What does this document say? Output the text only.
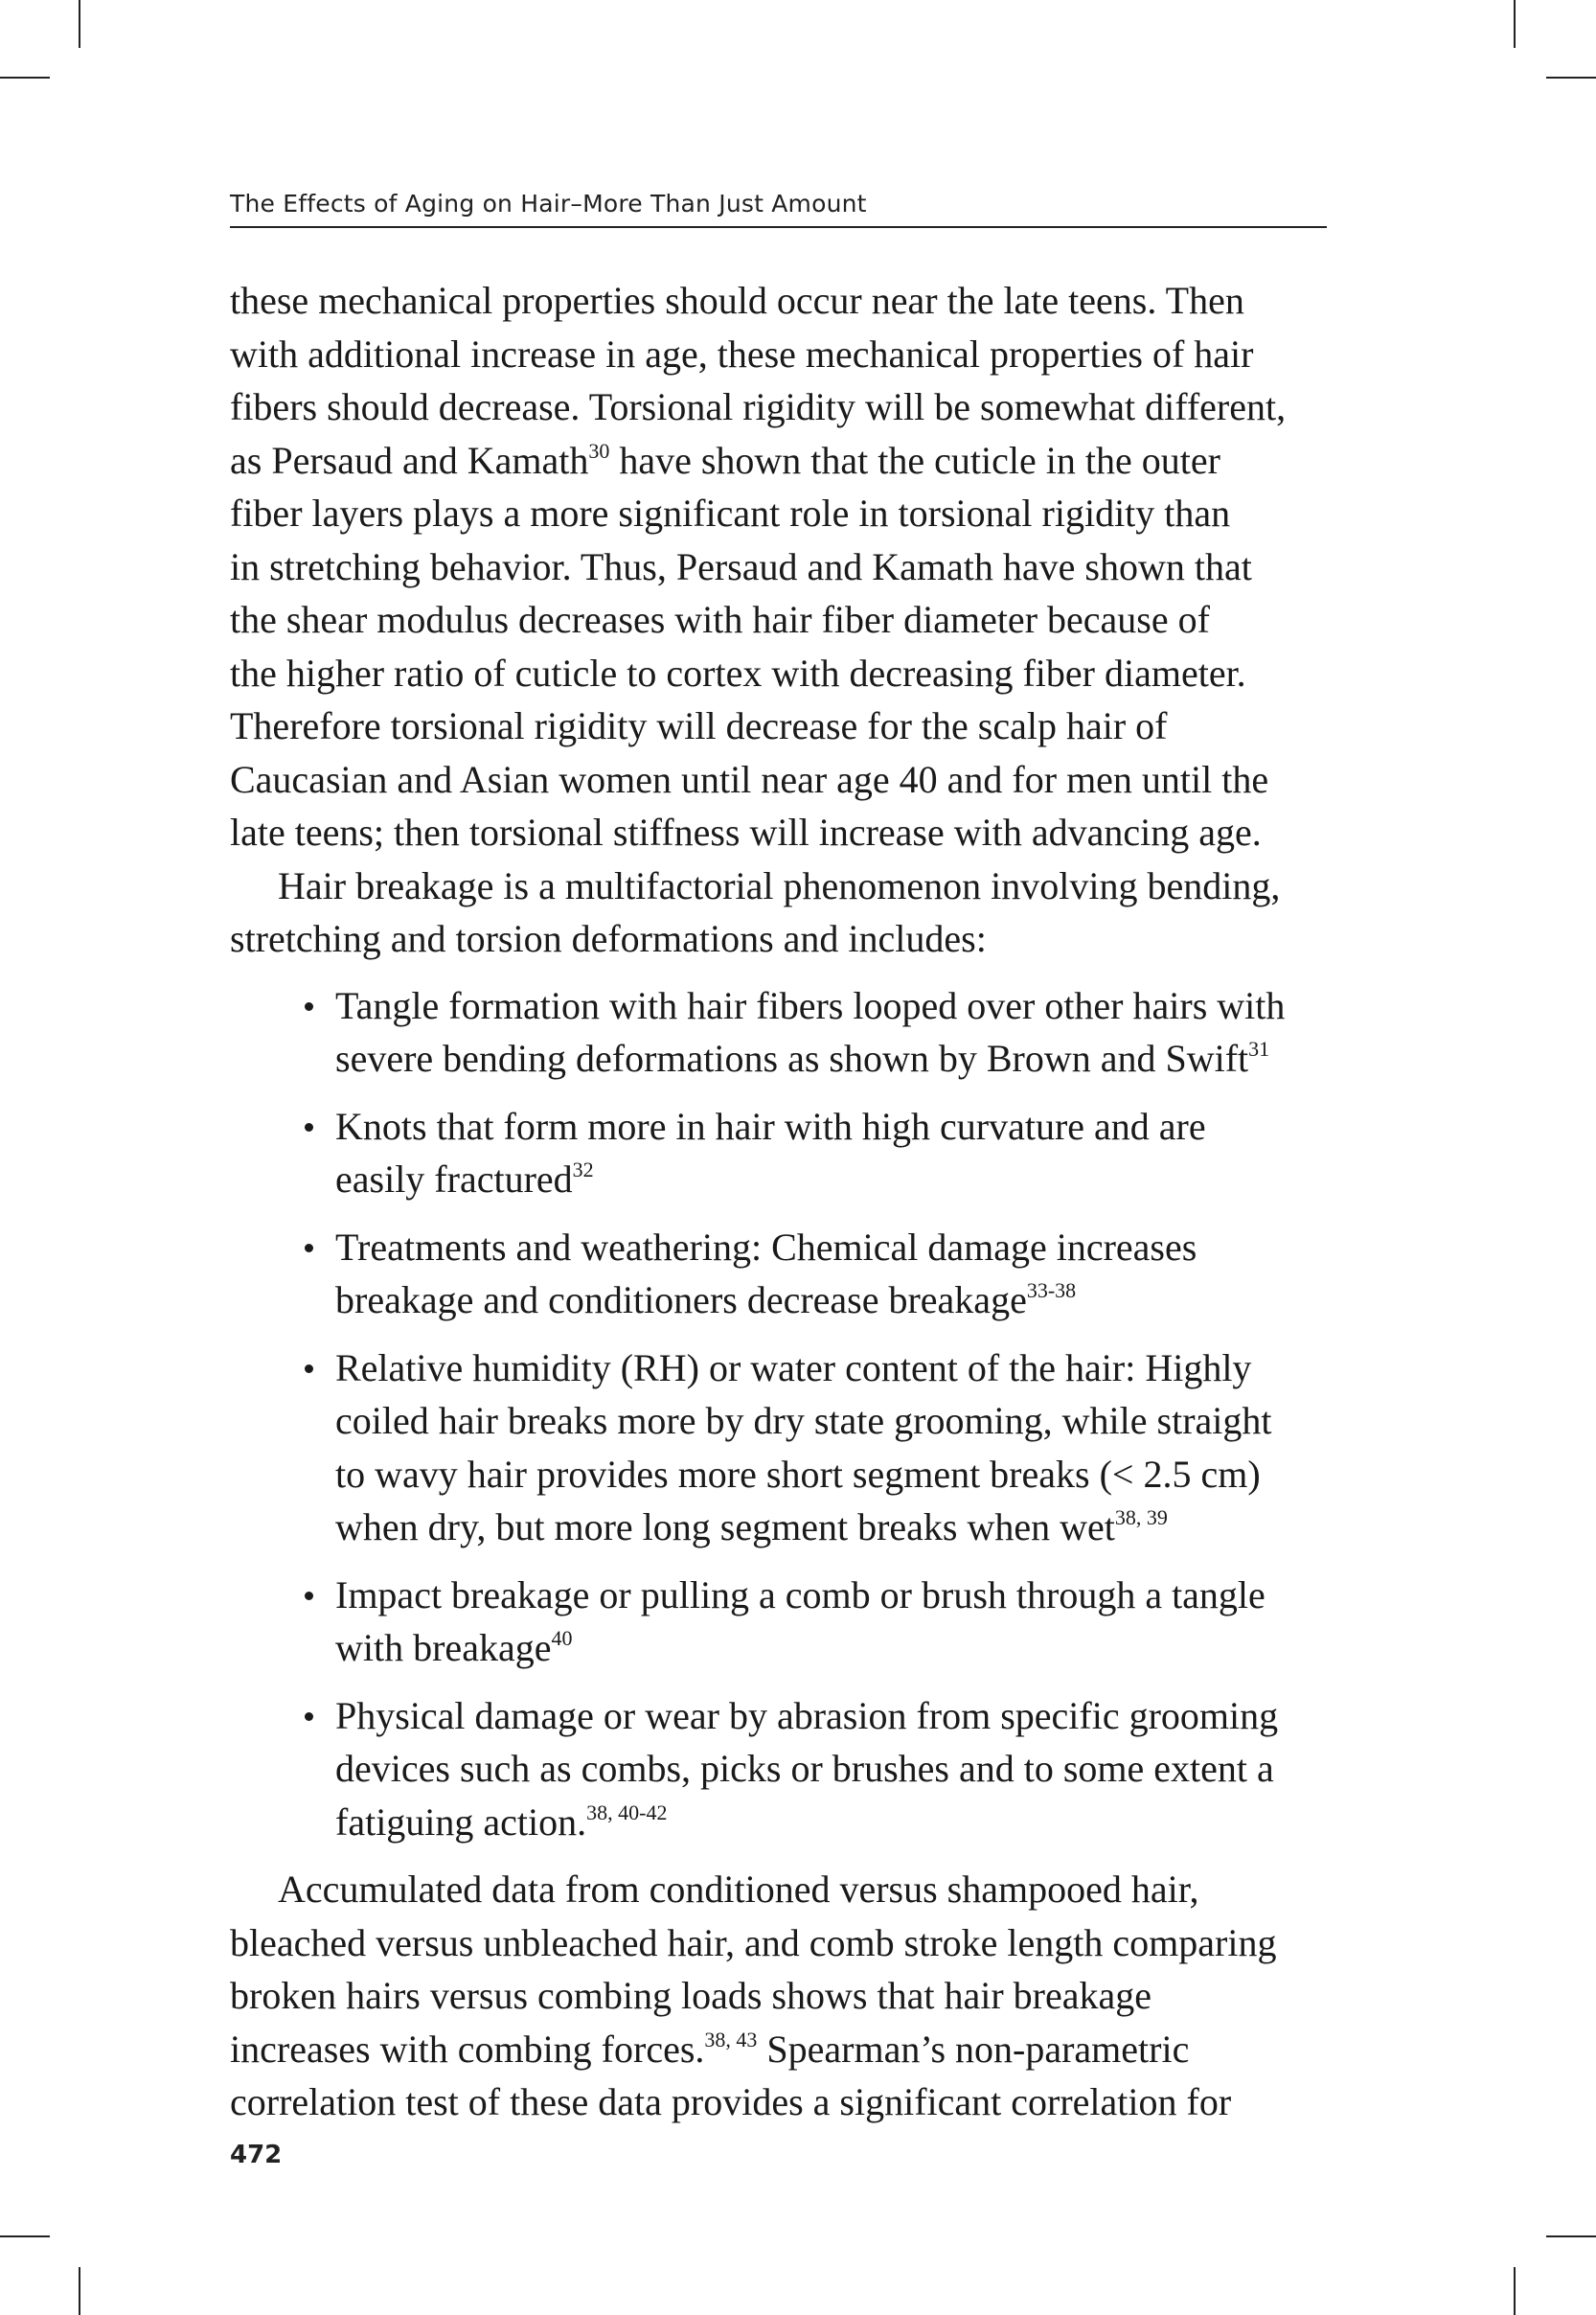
The Effects of Aging on Hair–More Than Just Amount
these mechanical properties should occur near the late teens. Then
with additional increase in age, these mechanical properties of hair
fibers should decrease. Torsional rigidity will be somewhat different,
as Persaud and Kamath$^{30}$ have shown that the cuticle in the outer
fiber layers plays a more significant role in torsional rigidity than
in stretching behavior. Thus, Persaud and Kamath have shown that
the shear modulus decreases with hair fiber diameter because of
the higher ratio of cuticle to cortex with decreasing fiber diameter.
Therefore torsional rigidity will decrease for the scalp hair of
Caucasian and Asian women until near age 40 and for men until the
late teens; then torsional stiffness will increase with advancing age.
Hair breakage is a multifactorial phenomenon involving bending,
stretching and torsion deformations and includes:
Tangle formation with hair fibers looped over other hairs with
severe bending deformations as shown by Brown and Swift$^{31}$
Knots that form more in hair with high curvature and are
easily fractured$^{32}$
Treatments and weathering: Chemical damage increases
breakage and conditioners decrease breakage$^{33-38}$
Relative humidity (RH) or water content of the hair: Highly
coiled hair breaks more by dry state grooming, while straight
to wavy hair provides more short segment breaks (< 2.5 cm)
when dry, but more long segment breaks when wet$^{38, 39}$
Impact breakage or pulling a comb or brush through a tangle
with breakage$^{40}$
Physical damage or wear by abrasion from specific grooming
devices such as combs, picks or brushes and to some extent a
fatiguing action.$^{38, 40-42}$
Accumulated data from conditioned versus shampooed hair,
bleached versus unbleached hair, and comb stroke length comparing
broken hairs versus combing loads shows that hair breakage
increases with combing forces.$^{38, 43}$ Spearman’s non-parametric
correlation test of these data provides a significant correlation for
472
